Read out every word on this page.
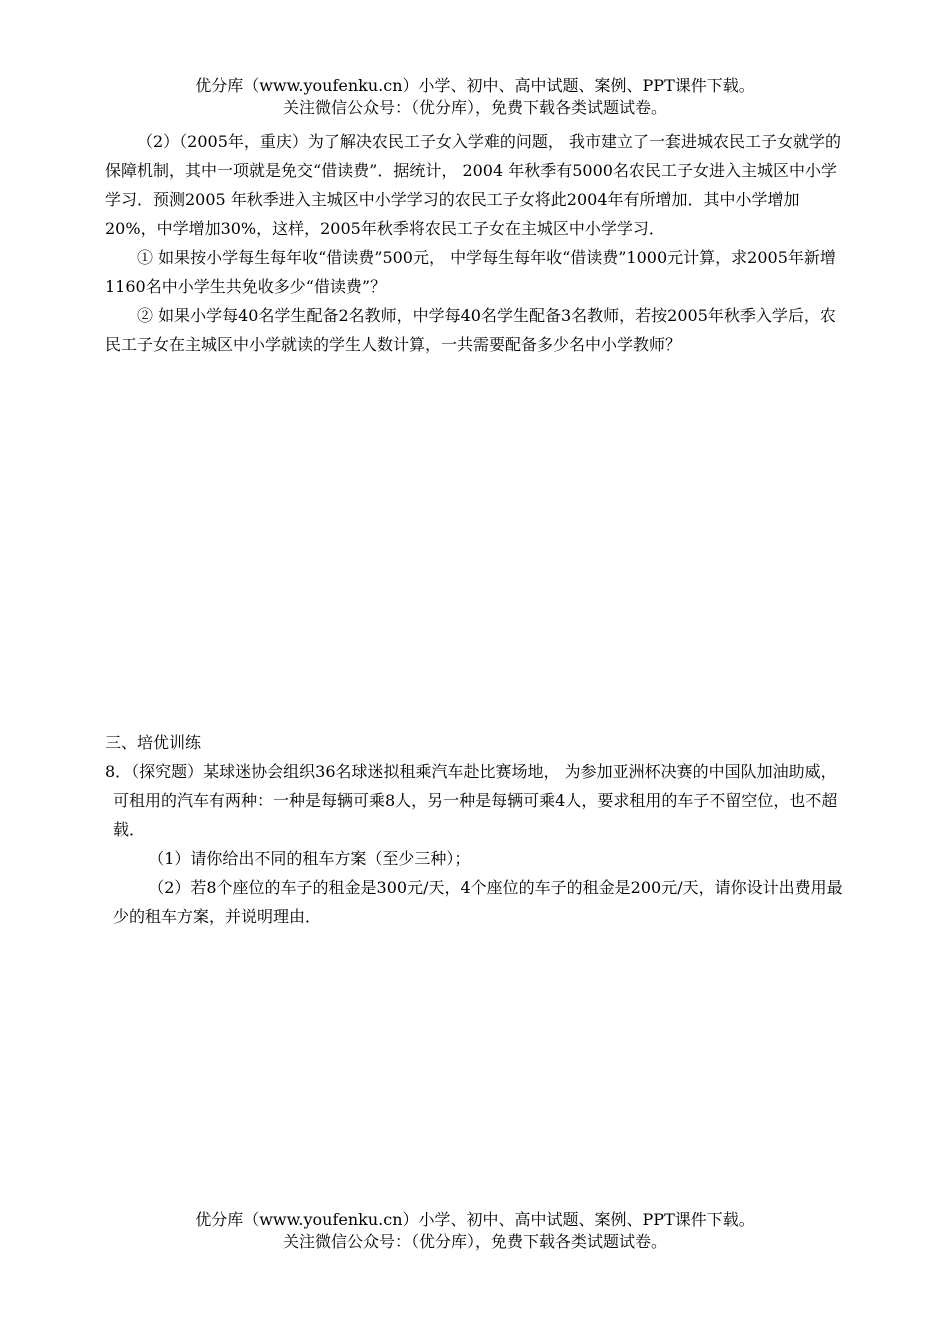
优分库（www.youfenku.cn）小学、初中、高中试题、案例、PPT课件下载。
关注微信公众号：（优分库），免费下载各类试题试卷。

（2）（2005年，重庆）为了解决农民工子女入学难的问题， 我市建立了一套进城农民工子女就学的保障机制，其中一项就是免交“借读费”．据统计， 2004 年秋季有5000名农民工子女进入主城区中小学学习．预测2005 年秋季进入主城区中小学学习的农民工子女将此2004年有所增加．其中小学增加20%，中学增加30%，这样，2005年秋季将农民工子女在主城区中小学学习．

① 如果按小学每生每年收“借读费”500元， 中学每生每年收“借读费”1000元计算，求2005年新增1160名中小学生共免收多少“借读费”？

② 如果小学每40名学生配备2名教师，中学每40名学生配备3名教师，若按2005年秋季入学后，农民工子女在主城区中小学就读的学生人数计算，一共需要配备多少名中小学教师？

三、培优训练

8．（探究题）某球迷协会组织36名球迷拟租乘汽车赴比赛场地， 为参加亚洲杯决赛的中国队加油助威，可租用的汽车有两种：一种是每辆可乘8人，另一种是每辆可乘4人，要求租用的车子不留空位，也不超载．

（1）请你给出不同的租车方案（至少三种）；

（2）若8个座位的车子的租金是300元/天，4个座位的车子的租金是200元/天，请你设计出费用最少的租车方案，并说明理由．

优分库（www.youfenku.cn）小学、初中、高中试题、案例、PPT课件下载。
关注微信公众号：（优分库），免费下载各类试题试卷。
